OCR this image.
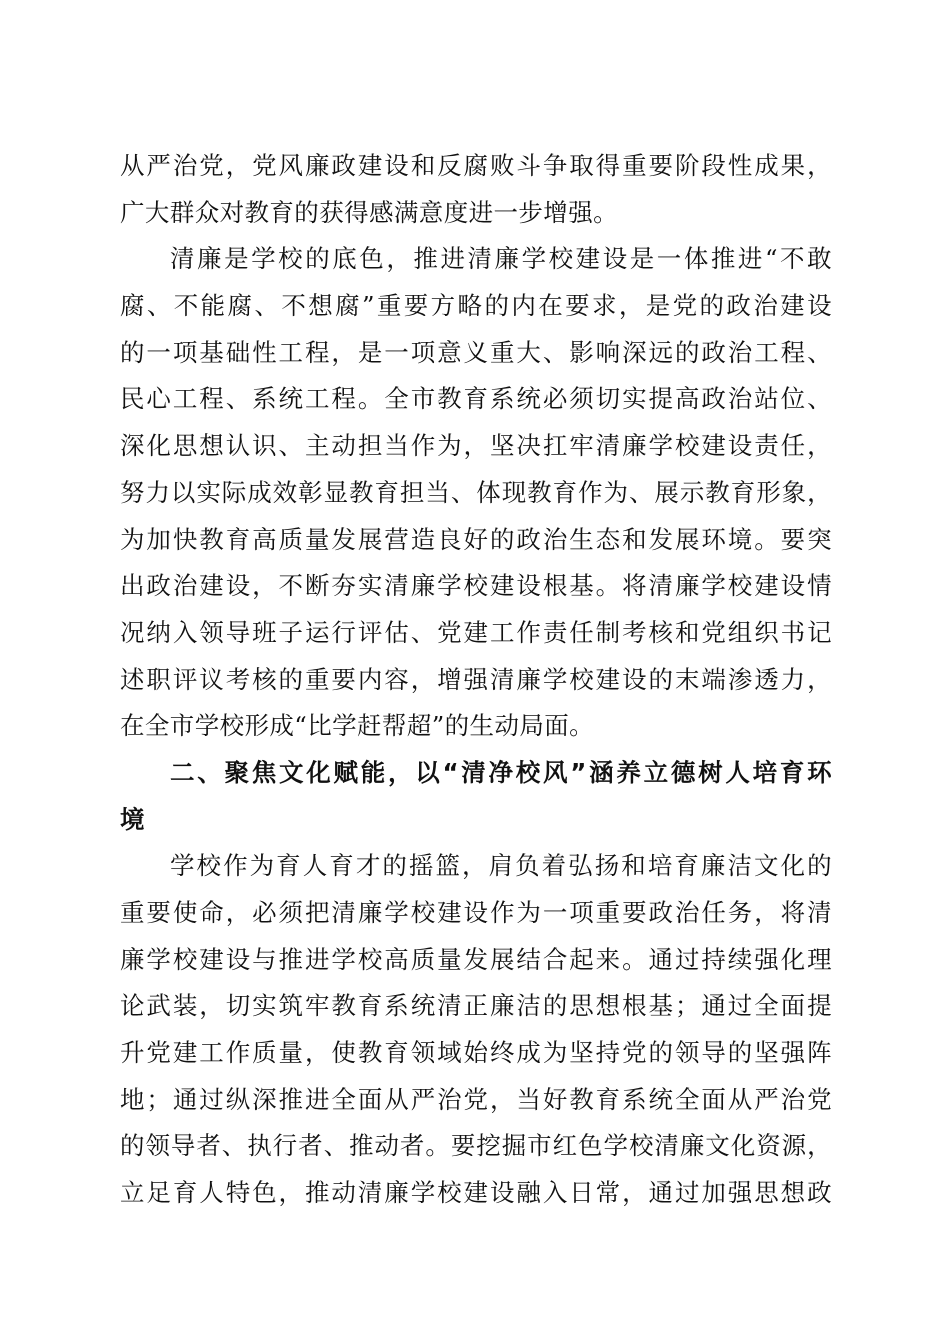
从严治党，党风廉政建设和反腐败斗争取得重要阶段性成果，
广大群众对教育的获得感满意度进一步增强。
清廉是学校的底色，推进清廉学校建设是一体推进“不敢
腐、不能腐、不想腐”重要方略的内在要求，是党的政治建设
的一项基础性工程，是一项意义重大、影响深远的政治工程、
民心工程、系统工程。全市教育系统必须切实提高政治站位、
深化思想认识、主动担当作为，坚决扛牢清廉学校建设责任，
努力以实际成效彰显教育担当、体现教育作为、展示教育形象，
为加快教育高质量发展营造良好的政治生态和发展环境。要突
出政治建设，不断夯实清廉学校建设根基。将清廉学校建设情
况纳入领导班子运行评估、党建工作责任制考核和党组织书记
述职评议考核的重要内容，增强清廉学校建设的末端渗透力，
在全市学校形成“比学赶帮超”的生动局面。
二、聚焦文化赋能，以“清净校风”涵养立德树人培育环
境
学校作为育人育才的摇篮，肩负着弘扬和培育廉洁文化的
重要使命，必须把清廉学校建设作为一项重要政治任务，将清
廉学校建设与推进学校高质量发展结合起来。通过持续强化理
论武装，切实筑牢教育系统清正廉洁的思想根基；通过全面提
升党建工作质量，使教育领域始终成为坚持党的领导的坚强阵
地；通过纵深推进全面从严治党，当好教育系统全面从严治党
的领导者、执行者、推动者。要挖掘市红色学校清廉文化资源，
立足育人特色，推动清廉学校建设融入日常，通过加强思想政
